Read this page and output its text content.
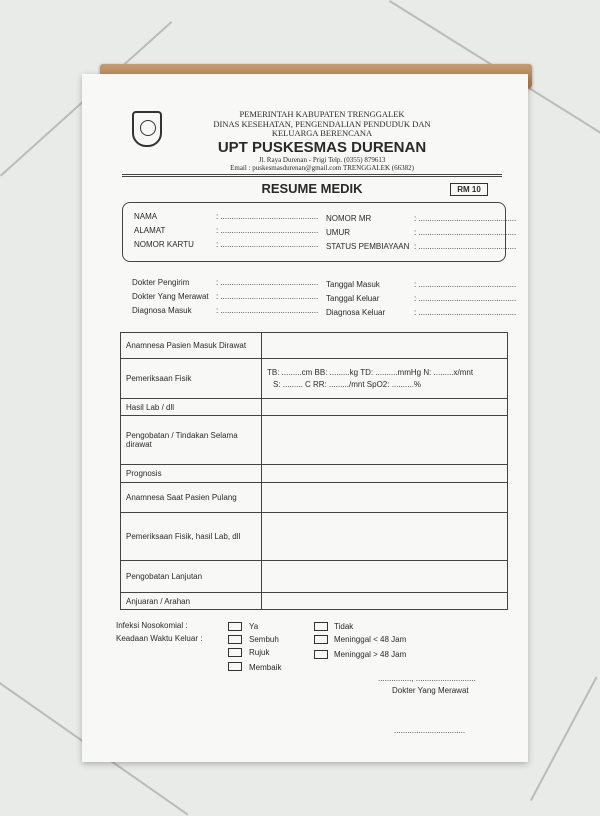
PEMERINTAH KABUPATEN TRENGGALEK
DINAS KESEHATAN, PENGENDALIAN PENDUDUK DAN
KELUARGA BERENCANA
UPT PUSKESMAS DURENAN
Jl. Raya Durenan - Prigi Telp. (0355) 879613
Email : puskesmasdurenan@gmail.com TRENGGALEK (66382)
RESUME MEDIK	RM 10
NAMA	: ............................................
ALAMAT	: ............................................
NOMOR KARTU	: ............................................
NOMOR MR	: ............................................
UMUR	: ............................................
STATUS PEMBIAYAAN : ............................................
Dokter Pengirim	: ............................................
Dokter Yang Merawat : ............................................
Diagnosa Masuk	: ............................................
Tanggal Masuk	: ............................................
Tanggal Keluar	: ............................................
Diagnosa Keluar	: ............................................
Anamnesa Pasien Masuk Dirawat	
Pemeriksaan Fisik	TB: .........cm BB: .........kg TD: ..........mmHg N: .........x/mnt
S: ......... C RR: ........./mnt SpO2: ..........%

Hasil Lab / dll	
Pengobatan / Tindakan Selama dirawat	
Prognosis	
Anamnesa Saat Pasien Pulang	
Pemeriksaan Fisik, hasil Lab, dll	
Pengobatan Lanjutan	
Anjuaran / Arahan	
Infeksi Nosokomial :
Keadaan Waktu Keluar :
Ya	Tidak
Sembuh	Meninggal < 48 Jam
Rujuk	Meninggal > 48 Jam
Membaik
..............., ...........................
Dokter Yang Merawat
................................
